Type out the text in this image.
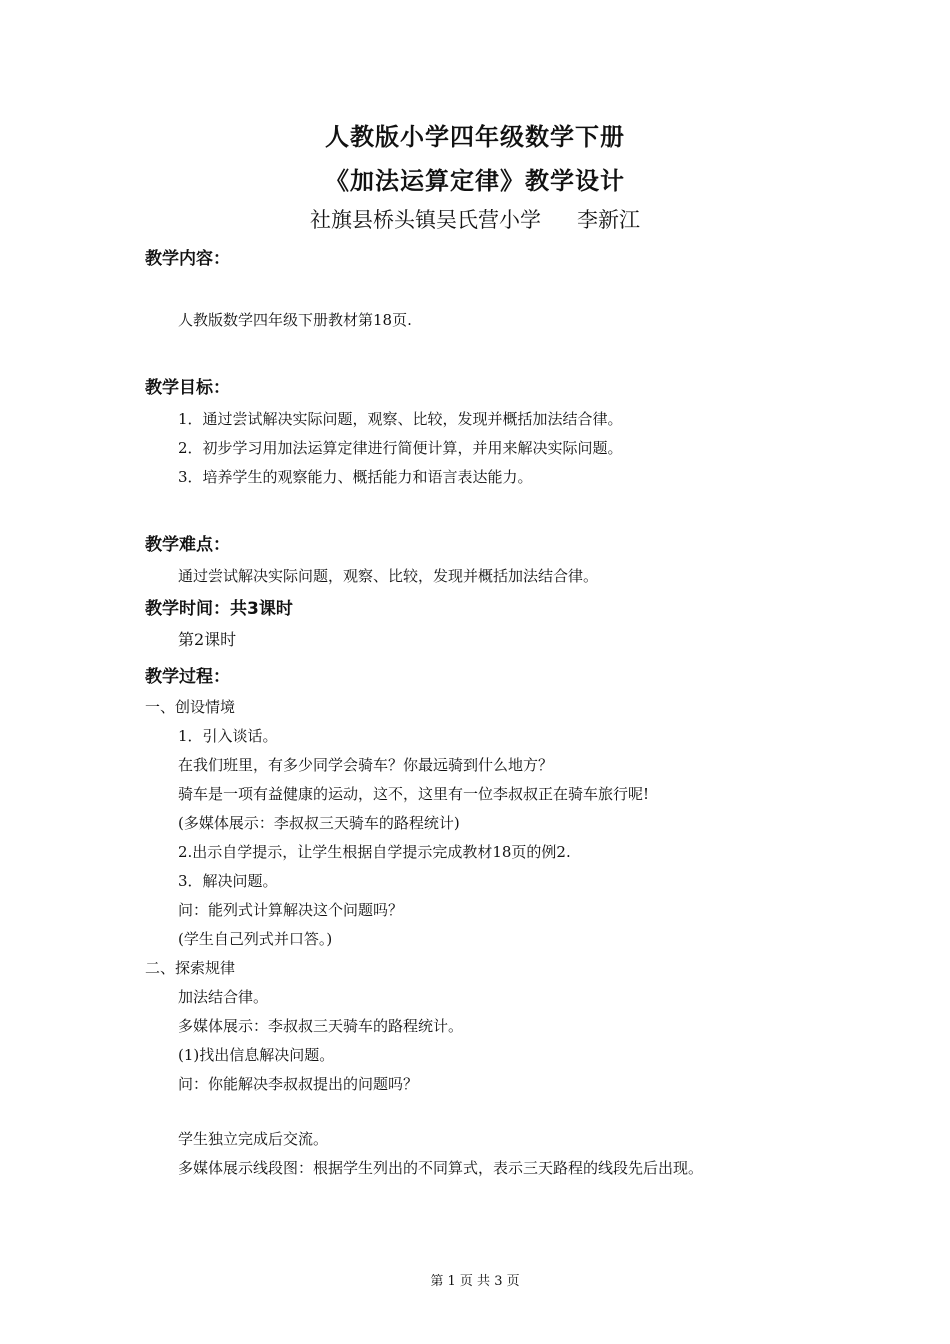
人教版小学四年级数学下册
《加法运算定律》教学设计
社旗县桥头镇吴氏营小学 李新江
教学内容：
人教版数学四年级下册教材第18页.
教学目标：
1．通过尝试解决实际问题，观察、比较，发现并概括加法结合律。
2．初步学习用加法运算定律进行简便计算，并用来解决实际问题。
3．培养学生的观察能力、概括能力和语言表达能力。
教学难点：
通过尝试解决实际问题，观察、比较，发现并概括加法结合律。
教学时间：共3课时
第2课时
教学过程：
一、创设情境
1．引入谈话。
在我们班里，有多少同学会骑车？你最远骑到什么地方？
骑车是一项有益健康的运动，这不，这里有一位李叔叔正在骑车旅行呢!
(多媒体展示：李叔叔三天骑车的路程统计)
2.出示自学提示，让学生根据自学提示完成教材18页的例2.
3．解决问题。
问：能列式计算解决这个问题吗？
(学生自己列式并口答。)
二、探索规律
加法结合律。
多媒体展示：李叔叔三天骑车的路程统计。
(1)找出信息解决问题。
问：你能解决李叔叔提出的问题吗？
学生独立完成后交流。
多媒体展示线段图：根据学生列出的不同算式，表示三天路程的线段先后出现。
第 1 页 共 3 页
